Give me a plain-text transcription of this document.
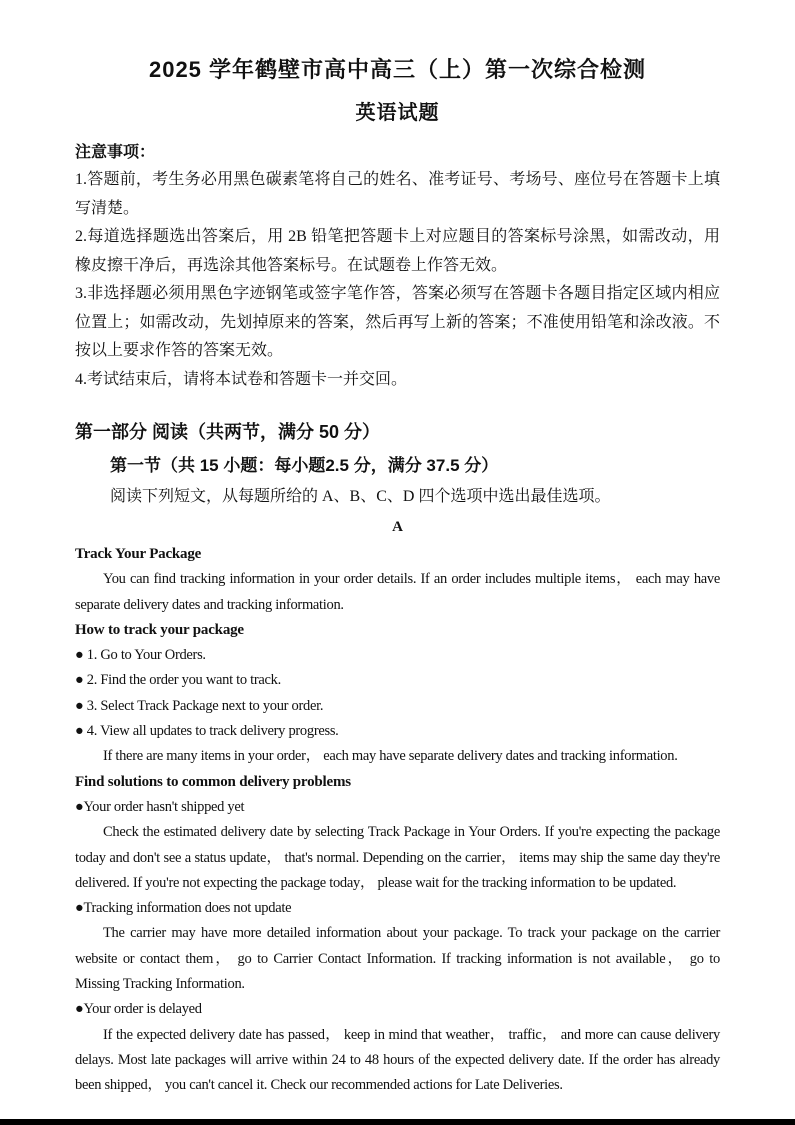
2025 学年鹤壁市高中高三（上）第一次综合检测
英语试题
注意事项：

1.答题前，考生务必用黑色碳素笔将自己的姓名、准考证号、考场号、座位号在答题卡上填写清楚。

2.每道选择题选出答案后，用 2B 铅笔把答题卡上对应题目的答案标号涂黑，如需改动，用橡皮擦干净后，再选涂其他答案标号。在试题卷上作答无效。

3.非选择题必须用黑色字迹钢笔或签字笔作答，答案必须写在答题卡各题目指定区域内相应位置上；如需改动，先划掉原来的答案，然后再写上新的答案；不准使用铅笔和涂改液。不按以上要求作答的答案无效。

4.考试结束后，请将本试卷和答题卡一并交回。

第一部分 阅读（共两节，满分 50 分）
第一节（共 15 小题：每小题2.5 分，满分 37.5 分）

阅读下列短文，从每题所给的 A、B、C、D 四个选项中选出最佳选项。

A
Track Your Package

You can find tracking information in your order details. If an order includes multiple items， each may have separate delivery dates and tracking information.

How to track your package

● 1. Go to Your Orders.

● 2. Find the order you want to track.

● 3. Select Track Package next to your order.

● 4. View all updates to track delivery progress.

If there are many items in your order， each may have separate delivery dates and tracking information.

Find solutions to common delivery problems

●Your order hasn't shipped yet

Check the estimated delivery date by selecting Track Package in Your Orders. If you're expecting the package today and don't see a status update， that's normal. Depending on the carrier， items may ship the same day they're delivered. If you're not expecting the package today， please wait for the tracking information to be updated.

●Tracking information does not update

The carrier may have more detailed information about your package. To track your package on the carrier website or contact them， go to Carrier Contact Information. If tracking information is not available， go to Missing Tracking Information.

●Your order is delayed

If the expected delivery date has passed， keep in mind that weather， traffic， and more can cause delivery delays. Most late packages will arrive within 24 to 48 hours of the expected delivery date. If the order has already been shipped， you can't cancel it. Check our recommended actions for Late Deliveries.
